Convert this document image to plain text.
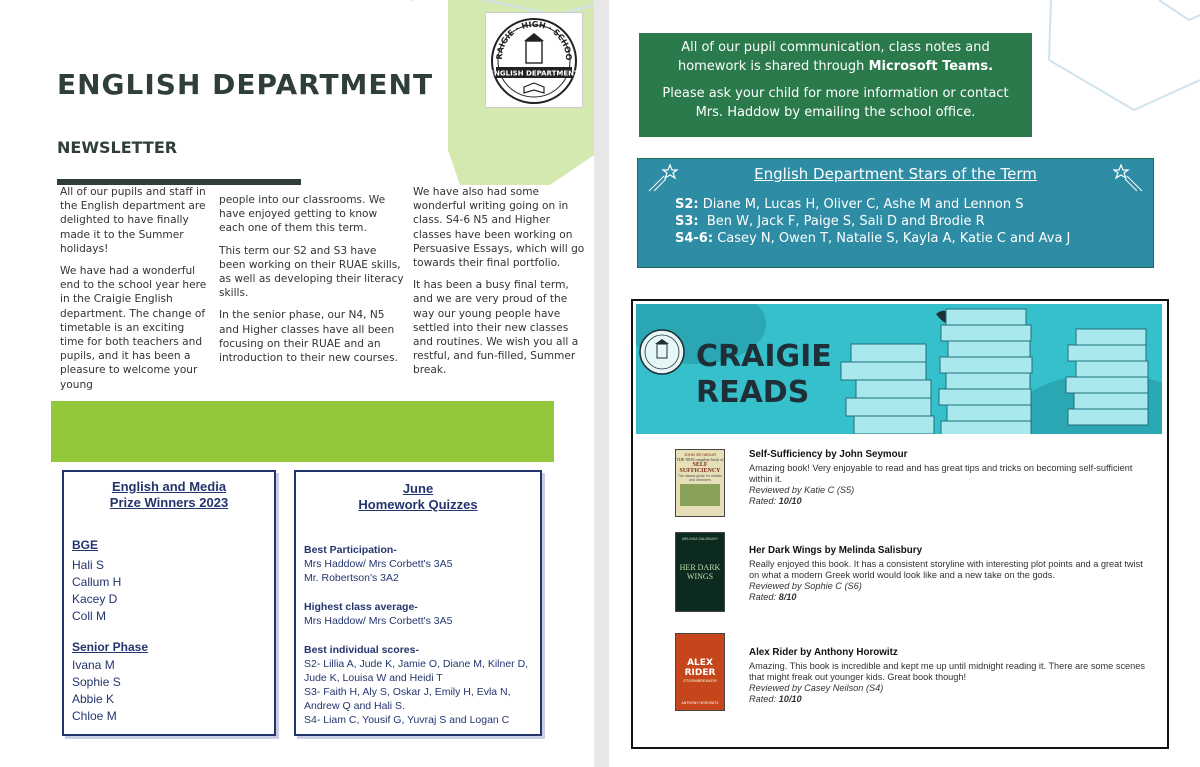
ENGLISH DEPARTMENT
NEWSLETTER
RAIGIE · HIGH · SCHOO
ENGLISH DEPARTMENT

All of our pupils and staff in the English department are delighted to have finally made it to the Summer holidays!

We have had a wonderful end to the school year here in the Craigie English department. The change of timetable is an exciting time for both teachers and pupils, and it has been a pleasure to welcome your young

people into our classrooms. We have enjoyed getting to know each one of them this term.

This term our S2 and S3 have been working on their RUAE skills, as well as developing their literacy skills.

In the senior phase, our N4, N5 and Higher classes have all been focusing on their RUAE and an introduction to their new courses.

We have also had some wonderful writing going on in class. S4-6 N5 and Higher classes have been working on Persuasive Essays, which will go towards their final portfolio.

It has been a busy final term, and we are very proud of the way our young people have settled into their new classes and routines. We wish you all a restful, and fun-filled, Summer break.

English and Media
Prize Winners 2023
BGE
Hali S
Callum H
Kacey D
Coll M
Senior Phase
Ivana M
Sophie S
Abbie K
Chloe M
June
Homework Quizzes
Best Participation-
Mrs Haddow/ Mrs Corbett's 3A5
Mr. Robertson's 3A2
Highest class average-
Mrs Haddow/ Mrs Corbett's 3A5
Best individual scores-
S2- Lillia A, Jude K, Jamie O, Diane M, Kilner D, Jude K, Louisa W and Heidi T
S3- Faith H, Aly S, Oskar J, Emily H, Evla N, Andrew Q and Hali S.
S4- Liam C, Yousif G, Yuvraj S and Logan C

All of our pupil communication, class notes and homework is shared through Microsoft Teams.

Please ask your child for more information or contact Mrs. Haddow by emailing the school office.

English Department Stars of the Term
S2: Diane M, Lucas H, Oliver C, Ashe M and Lennon S
S3: Ben W, Jack F, Paige S, Sali D and Brodie R
S4-6: Casey N, Owen T, Natalie S, Kayla A, Katie C and Ava J
CRAIGIE
READS
JOHN SEYMOUR
THE NEW complete book of
SELF SUFFICIENCY
The classic guide for realists and dreamers
Self-Sufficiency by John Seymour
Amazing book! Very enjoyable to read and has great tips and tricks on becoming self-sufficient within it.
Reviewed by Katie C (S5)
Rated: 10/10
MELINDA SALISBURY
HER DARK WINGS
Her Dark Wings by Melinda Salisbury
Really enjoyed this book. It has a consistent storyline with interesting plot points and a great twist on what a modern Greek world would look like and a new take on the gods.
Reviewed by Sophie C (S6)
Rated: 8/10
ALEX RIDER
STORMBREAKER
ANTHONY HOROWITZ
Alex Rider by Anthony Horowitz
Amazing. This book is incredible and kept me up until midnight reading it. There are some scenes that might freak out younger kids. Great book though!
Reviewed by Casey Neilson (S4)
Rated: 10/10
